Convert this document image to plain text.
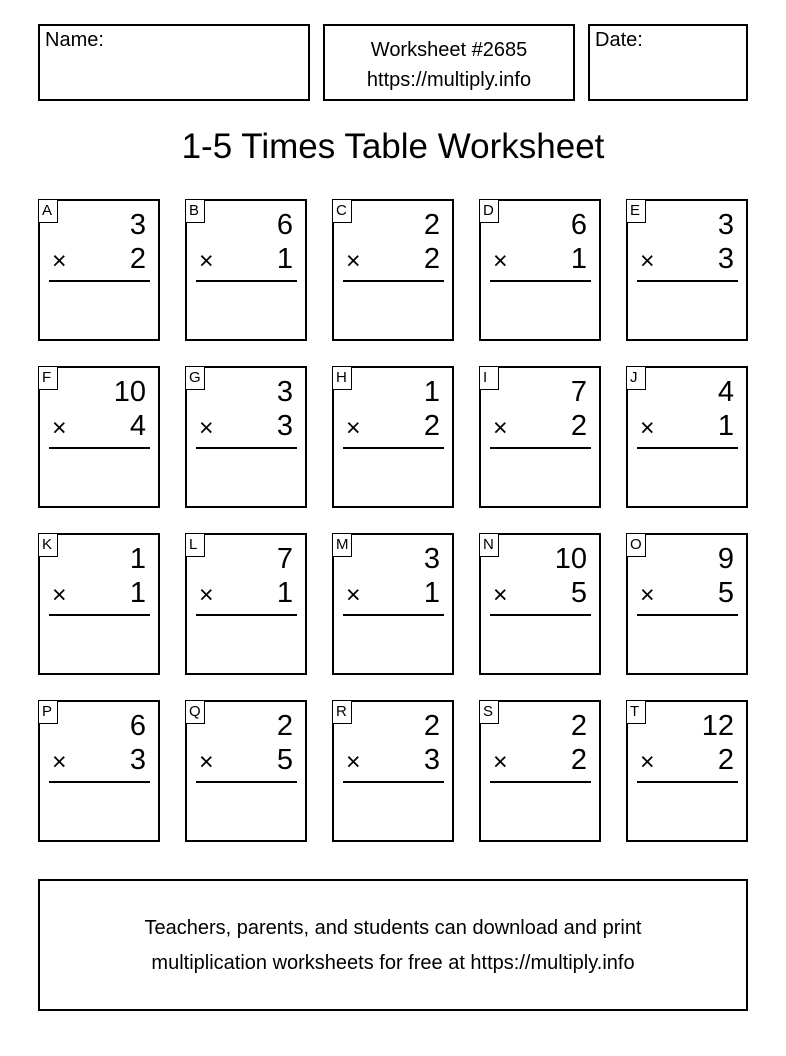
Name:	Worksheet #2685
https://multiply.info
Date:
1-5 Times Table Worksheet
A	3
× 2
B	6
× 1
C	2
× 2
D	6
× 1
E	3
× 3
F 10
× 4
G	3
× 3
H	1
× 2
I	7
× 2
J	4
× 1
K	1
× 1
L	7
× 1
M	3
× 1
N 10
× 5
O	9
× 5
P	6
× 3
Q	2
× 5
R	2
× 3
S	2
× 2
T 12
× 2
Teachers, parents, and students can download and print
multiplication worksheets for free at https://multiply.info
